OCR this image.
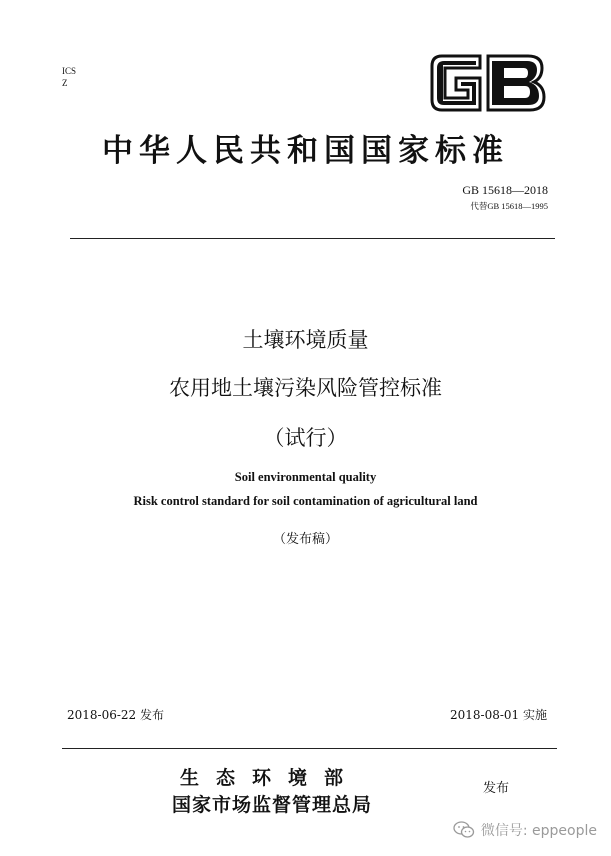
ICS
Z
中华人民共和国国家标准
GB 15618—2018
代替GB 15618—1995
土壤环境质量
农用地土壤污染风险管控标准
（试行）
Soil environmental quality
Risk control standard for soil contamination of agricultural land
（发布稿）
2018-06-22 发布	2018-08-01 实施
生态环境部
国家市场监督管理总局
发布
微信号: eppeople
